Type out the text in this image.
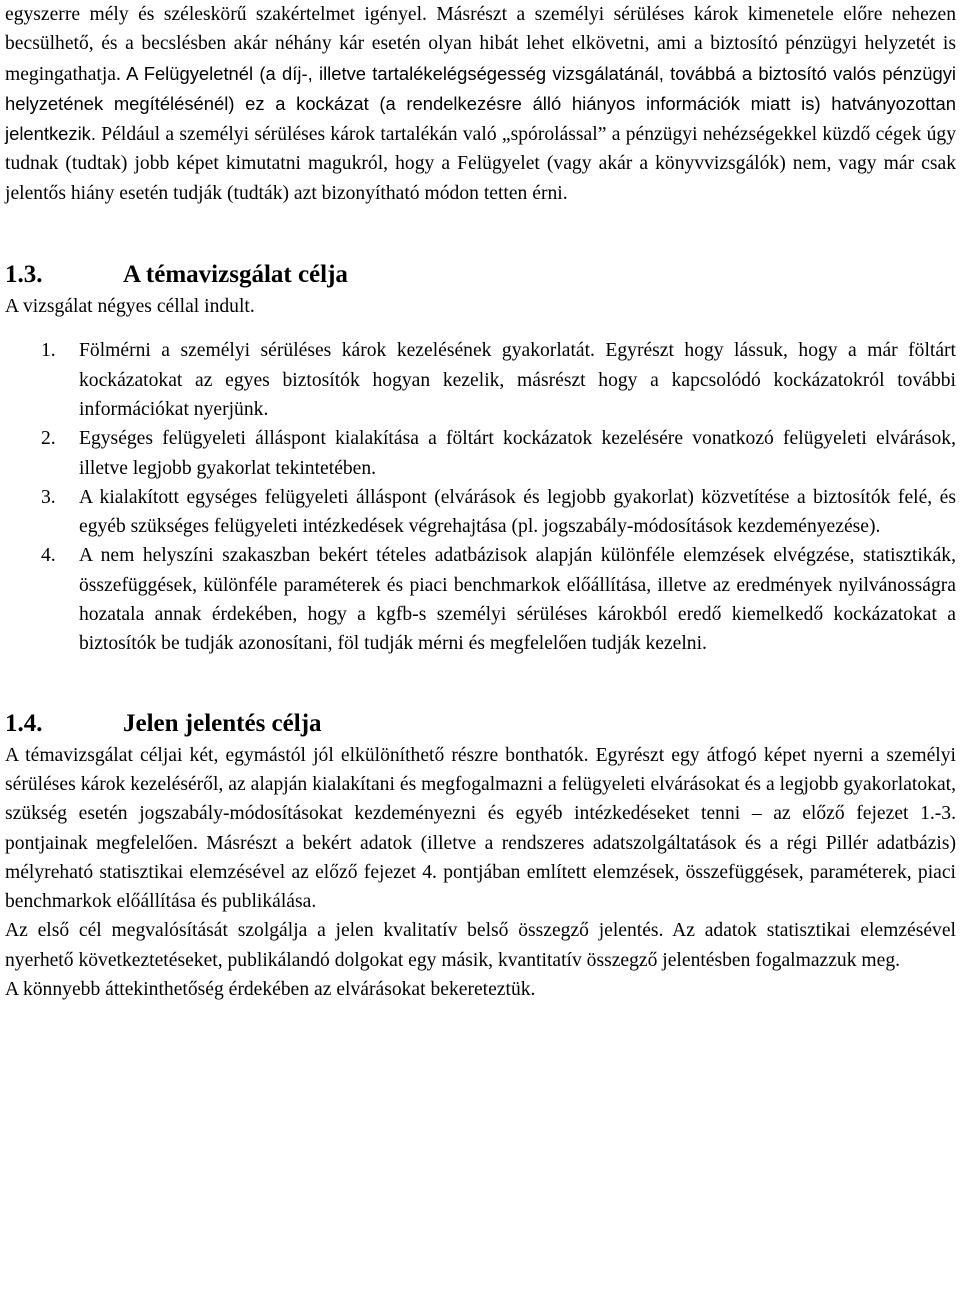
egyszerre mély és széleskörű szakértelmet igényel. Másrészt a személyi sérüléses károk kimenetele előre nehezen becsülhető, és a becslésben akár néhány kár esetén olyan hibát lehet elkövetni, ami a biztosító pénzügyi helyzetét is megingathatja. A Felügyeletnél (a díj-, illetve tartalékelégségesség vizsgálatánál, továbbá a biztosító valós pénzügyi helyzetének megítélésénél) ez a kockázat (a rendelkezésre álló hiányos információk miatt is) hatványozottan jelentkezik. Például a személyi sérüléses károk tartalékán való „spórolással” a pénzügyi nehézségekkel küzdő cégek úgy tudnak (tudtak) jobb képet kimutatni magukról, hogy a Felügyelet (vagy akár a könyvvizsgálók) nem, vagy már csak jelentős hiány esetén tudják (tudták) azt bizonyítható módon tetten érni.

1.3.	A témavizsgálat célja

A vizsgálat négyes céllal indult.

1. Fölmérni a személyi sérüléses károk kezelésének gyakorlatát. Egyrészt hogy lássuk, hogy a már föltárt kockázatokat az egyes biztosítók hogyan kezelik, másrészt hogy a kapcsolódó kockázatokról további információkat nyerjünk.
2. Egységes felügyeleti álláspont kialakítása a föltárt kockázatok kezelésére vonatkozó felügyeleti elvárások, illetve legjobb gyakorlat tekintetében.
3. A kialakított egységes felügyeleti álláspont (elvárások és legjobb gyakorlat) közvetítése a biztosítók felé, és egyéb szükséges felügyeleti intézkedések végrehajtása (pl. jogszabály-módosítások kezdeményezése).
4. A nem helyszíni szakaszban bekért tételes adatbázisok alapján különféle elemzések elvégzése, statisztikák, összefüggések, különféle paraméterek és piaci benchmarkok előállítása, illetve az eredmények nyilvánosságra hozatala annak érdekében, hogy a kgfb-s személyi sérüléses károkból eredő kiemelkedő kockázatokat a biztosítók be tudják azonosítani, föl tudják mérni és megfelelően tudják kezelni.
1.4.	Jelen jelentés célja

A témavizsgálat céljai két, egymástól jól elkülöníthető részre bonthatók. Egyrészt egy átfogó képet nyerni a személyi sérüléses károk kezeléséről, az alapján kialakítani és megfogalmazni a felügyeleti elvárásokat és a legjobb gyakorlatokat, szükség esetén jogszabály-módosításokat kezdeményezni és egyéb intézkedéseket tenni – az előző fejezet 1.-3. pontjainak megfelelően. Másrészt a bekért adatok (illetve a rendszeres adatszolgáltatások és a régi Pillér adatbázis) mélyreható statisztikai elemzésével az előző fejezet 4. pontjában említett elemzések, összefüggések, paraméterek, piaci benchmarkok előállítása és publikálása.

Az első cél megvalósítását szolgálja a jelen kvalitatív belső összegző jelentés. Az adatok statisztikai elemzésével nyerhető következtetéseket, publikálandó dolgokat egy másik, kvantitatív összegző jelentésben fogalmazzuk meg.

A könnyebb áttekinthetőség érdekében az elvárásokat bekereteztük.
